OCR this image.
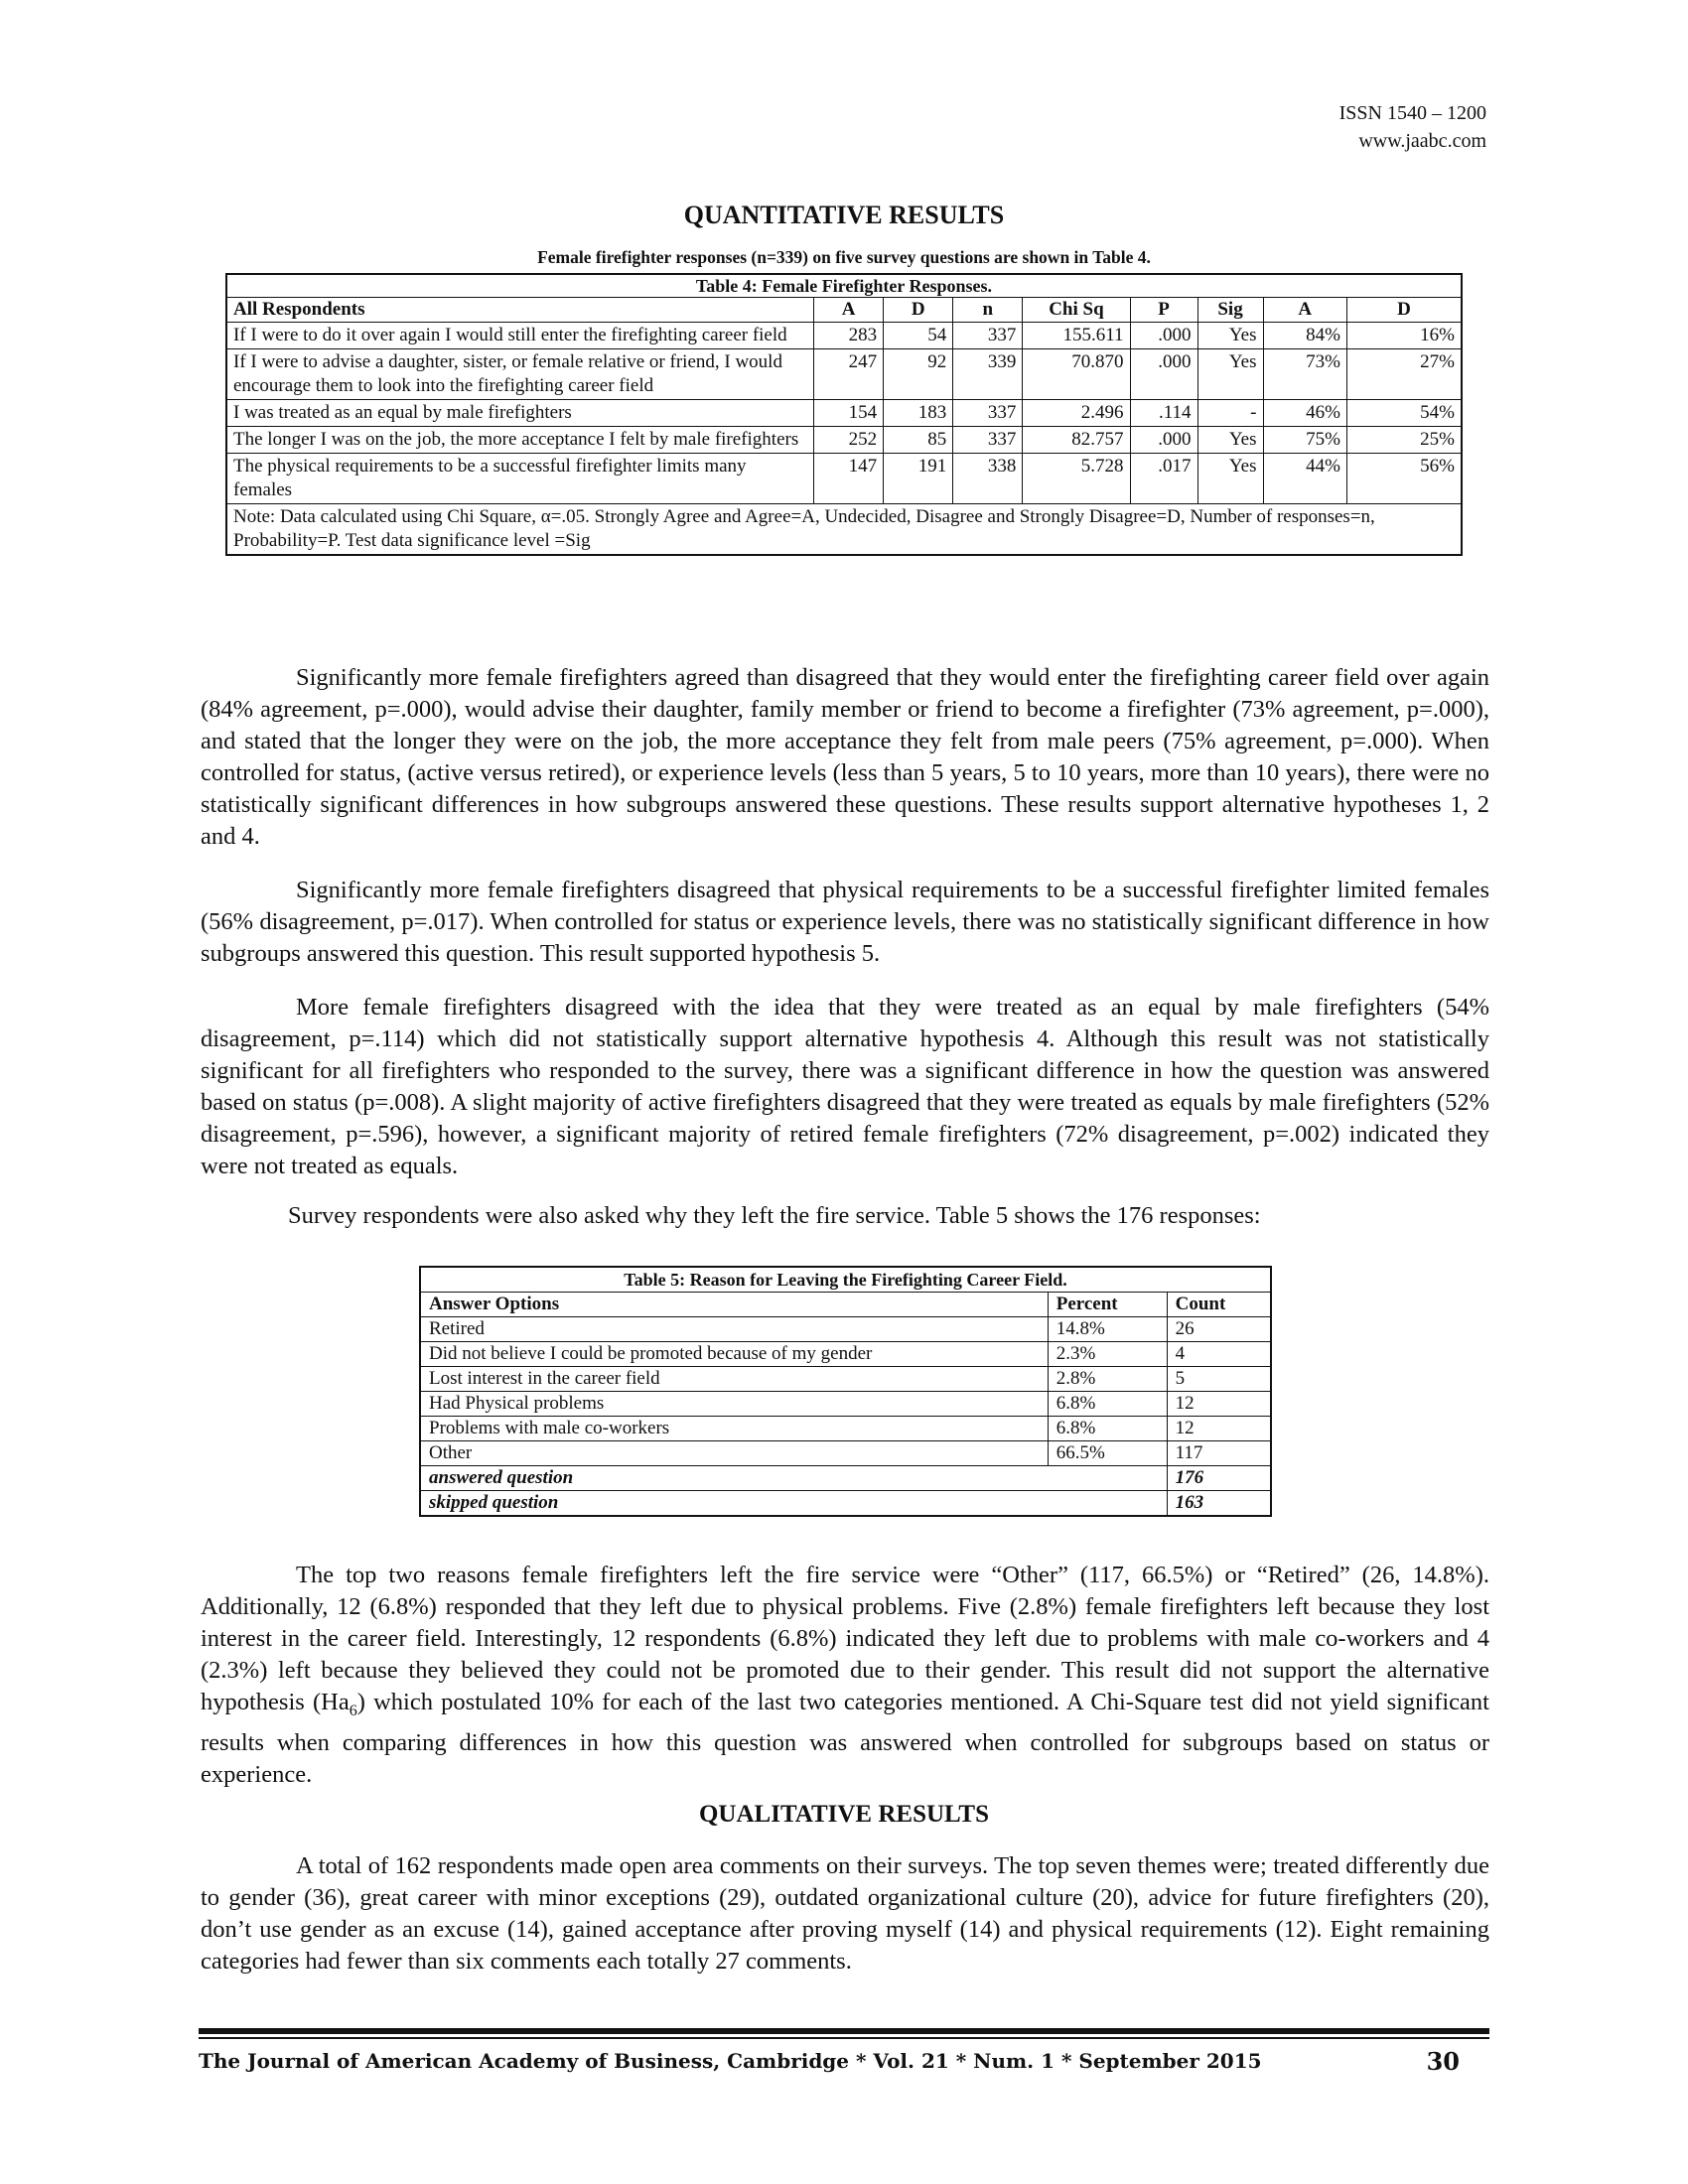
ISSN 1540 – 1200
www.jaabc.com
QUANTITATIVE RESULTS
Female firefighter responses (n=339) on five survey questions are shown in Table 4.
Table 4: Female Firefighter Responses.								
All Respondents	A	D	n	Chi Sq	P	Sig	A	D
If I were to do it over again I would still enter the firefighting career field	283	54	337	155.611	.000	Yes	84%	16%
If I were to advise a daughter, sister, or female relative or friend, I would encourage them to look into the firefighting career field	247	92	339	70.870	.000	Yes	73%	27%
I was treated as an equal by male firefighters	154	183	337	2.496	.114	-	46%	54%
The longer I was on the job, the more acceptance I felt by male firefighters	252	85	337	82.757	.000	Yes	75%	25%
The physical requirements to be a successful firefighter limits many females	147	191	338	5.728	.017	Yes	44%	56%
Note: Data calculated using Chi Square, α=.05. Strongly Agree and Agree=A, Undecided, Disagree and Strongly Disagree=D, Number of responses=n, Probability=P. Test data significance level =Sig								

Significantly more female firefighters agreed than disagreed that they would enter the firefighting career field over again (84% agreement, p=.000), would advise their daughter, family member or friend to become a firefighter (73% agreement, p=.000), and stated that the longer they were on the job, the more acceptance they felt from male peers (75% agreement, p=.000). When controlled for status, (active versus retired), or experience levels (less than 5 years, 5 to 10 years, more than 10 years), there were no statistically significant differences in how subgroups answered these questions. These results support alternative hypotheses 1, 2 and 4.

Significantly more female firefighters disagreed that physical requirements to be a successful firefighter limited females (56% disagreement, p=.017). When controlled for status or experience levels, there was no statistically significant difference in how subgroups answered this question. This result supported hypothesis 5.

More female firefighters disagreed with the idea that they were treated as an equal by male firefighters (54% disagreement, p=.114) which did not statistically support alternative hypothesis 4. Although this result was not statistically significant for all firefighters who responded to the survey, there was a significant difference in how the question was answered based on status (p=.008). A slight majority of active firefighters disagreed that they were treated as equals by male firefighters (52% disagreement, p=.596), however, a significant majority of retired female firefighters (72% disagreement, p=.002) indicated they were not treated as equals.

Survey respondents were also asked why they left the fire service. Table 5 shows the 176 responses:

Table 5: Reason for Leaving the Firefighting Career Field.		
Answer Options	Percent	Count
Retired	14.8%	26
Did not believe I could be promoted because of my gender	2.3%	4
Lost interest in the career field	2.8%	5
Had Physical problems	6.8%	12
Problems with male co-workers	6.8%	12
Other	66.5%	117
answered question		176
skipped question		163

The top two reasons female firefighters left the fire service were “Other” (117, 66.5%) or “Retired” (26, 14.8%). Additionally, 12 (6.8%) responded that they left due to physical problems. Five (2.8%) female firefighters left because they lost interest in the career field. Interestingly, 12 respondents (6.8%) indicated they left due to problems with male co-workers and 4 (2.3%) left because they believed they could not be promoted due to their gender. This result did not support the alternative hypothesis $(Ha_6)$ which postulated 10% for each of the last two categories mentioned. A Chi-Square test did not yield significant results when comparing differences in how this question was answered when controlled for subgroups based on status or experience.

QUALITATIVE RESULTS

A total of 162 respondents made open area comments on their surveys. The top seven themes were; treated differently due to gender (36), great career with minor exceptions (29), outdated organizational culture (20), advice for future firefighters (20), don’t use gender as an excuse (14), gained acceptance after proving myself (14) and physical requirements (12). Eight remaining categories had fewer than six comments each totally 27 comments.

The Journal of American Academy of Business, Cambridge * Vol. 21 * Num. 1 * September 2015	30
